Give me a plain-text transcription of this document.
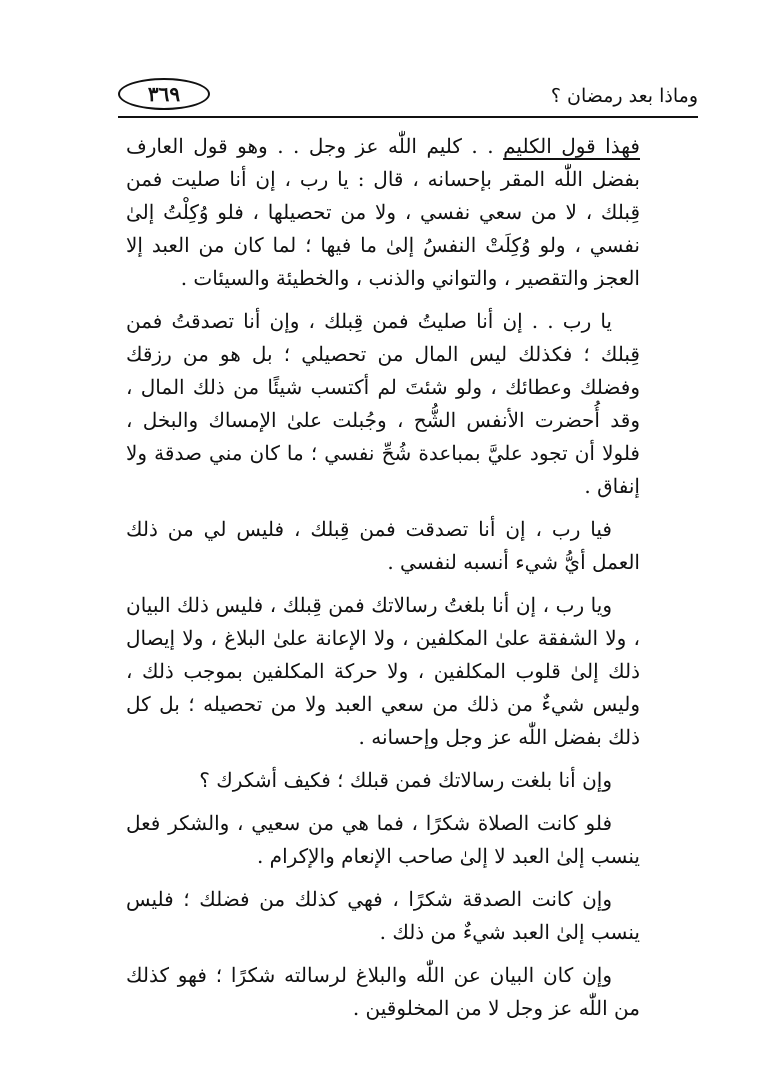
وماذا بعد رمضان ؟
٣٦٩

فهذا قول الكليم . . كليم اللّٰه عز وجل . . وهو قول العارف بفضل اللّٰه المقر بإحسانه ، قال : يا رب ، إن أنا صليت فمن قِبلك ، لا من سعي نفسي ، ولا من تحصيلها ، فلو وُكِلْتُ إلىٰ نفسي ، ولو وُكِلَتْ النفسُ إلىٰ ما فيها ؛ لما كان من العبد إلا العجز والتقصير ، والتواني والذنب ، والخطيئة والسيئات .

يا رب . . إن أنا صليتُ فمن قِبلك ، وإن أنا تصدقتُ فمن قِبلك ؛ فكذلك ليس المال من تحصيلي ؛ بل هو من رزقك وفضلك وعطائك ، ولو شئتَ لم أكتسب شيئًا من ذلك المال ، وقد أُحضرت الأنفس الشُّح ، وجُبلت علىٰ الإمساك والبخل ، فلولا أن تجود عليَّ بمباعدة شُحِّ نفسي ؛ ما كان مني صدقة ولا إنفاق .

فيا رب ، إن أنا تصدقت فمن قِبلك ، فليس لي من ذلك العمل أيُّ شيء أنسبه لنفسي .

ويا رب ، إن أنا بلغتُ رسالاتك فمن قِبلك ، فليس ذلك البيان ، ولا الشفقة علىٰ المكلفين ، ولا الإعانة علىٰ البلاغ ، ولا إيصال ذلك إلىٰ قلوب المكلفين ، ولا حركة المكلفين بموجب ذلك ، وليس شيءٌ من ذلك من سعي العبد ولا من تحصيله ؛ بل كل ذلك بفضل اللّٰه عز وجل وإحسانه .

وإن أنا بلغت رسالاتك فمن قبلك ؛ فكيف أشكرك ؟

فلو كانت الصلاة شكرًا ، فما هي من سعيي ، والشكر فعل ينسب إلىٰ العبد لا إلىٰ صاحب الإنعام والإكرام .

وإن كانت الصدقة شكرًا ، فهي كذلك من فضلك ؛ فليس ينسب إلىٰ العبد شيءٌ من ذلك .

وإن كان البيان عن اللّٰه والبلاغ لرسالته شكرًا ؛ فهو كذلك من اللّٰه عز وجل لا من المخلوقين .
